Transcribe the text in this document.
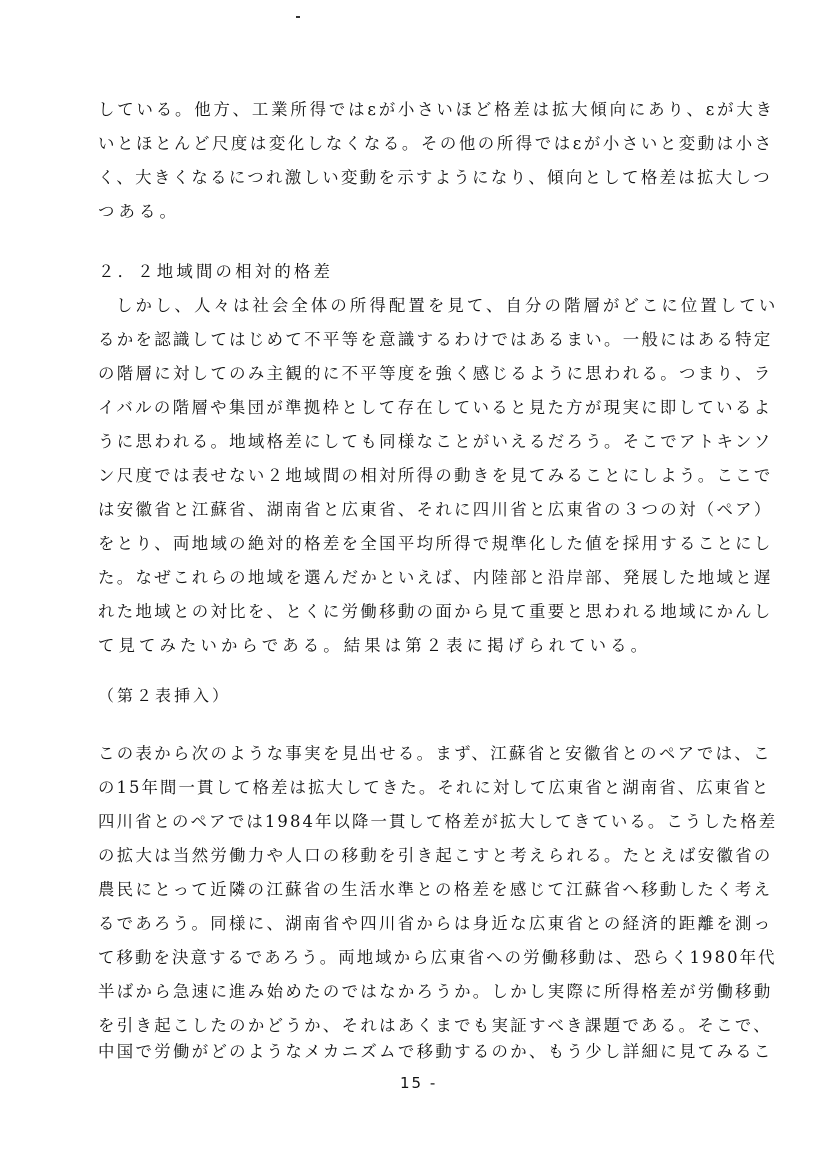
している。他方、工業所得ではεが小さいほど格差は拡大傾向にあり、εが大き
いとほとんど尺度は変化しなくなる。その他の所得ではεが小さいと変動は小さ
く、大きくなるにつれ激しい変動を示すようになり、傾向として格差は拡大しつ
つある。
２．２地域間の相対的格差
しかし、人々は社会全体の所得配置を見て、自分の階層がどこに位置してい
るかを認識してはじめて不平等を意識するわけではあるまい。一般にはある特定
の階層に対してのみ主観的に不平等度を強く感じるように思われる。つまり、ラ
イバルの階層や集団が準拠枠として存在していると見た方が現実に即しているよ
うに思われる。地域格差にしても同様なことがいえるだろう。そこでアトキンソ
ン尺度では表せない２地域間の相対所得の動きを見てみることにしよう。ここで
は安徽省と江蘇省、湖南省と広東省、それに四川省と広東省の３つの対（ペア）
をとり、両地域の絶対的格差を全国平均所得で規準化した値を採用することにし
た。なぜこれらの地域を選んだかといえば、内陸部と沿岸部、発展した地域と遅
れた地域との対比を、とくに労働移動の面から見て重要と思われる地域にかんし
て見てみたいからである。結果は第２表に掲げられている。
（第２表挿入）
この表から次のような事実を見出せる。まず、江蘇省と安徽省とのペアでは、こ
の15年間一貫して格差は拡大してきた。それに対して広東省と湖南省、広東省と
四川省とのペアでは1984年以降一貫して格差が拡大してきている。こうした格差
の拡大は当然労働力や人口の移動を引き起こすと考えられる。たとえば安徽省の
農民にとって近隣の江蘇省の生活水準との格差を感じて江蘇省へ移動したく考え
るであろう。同様に、湖南省や四川省からは身近な広東省との経済的距離を測っ
て移動を決意するであろう。両地域から広東省への労働移動は、恐らく1980年代
半ばから急速に進み始めたのではなかろうか。しかし実際に所得格差が労働移動
を引き起こしたのかどうか、それはあくまでも実証すべき課題である。そこで、
中国で労働がどのようなメカニズムで移動するのか、もう少し詳細に見てみるこ
15 -
